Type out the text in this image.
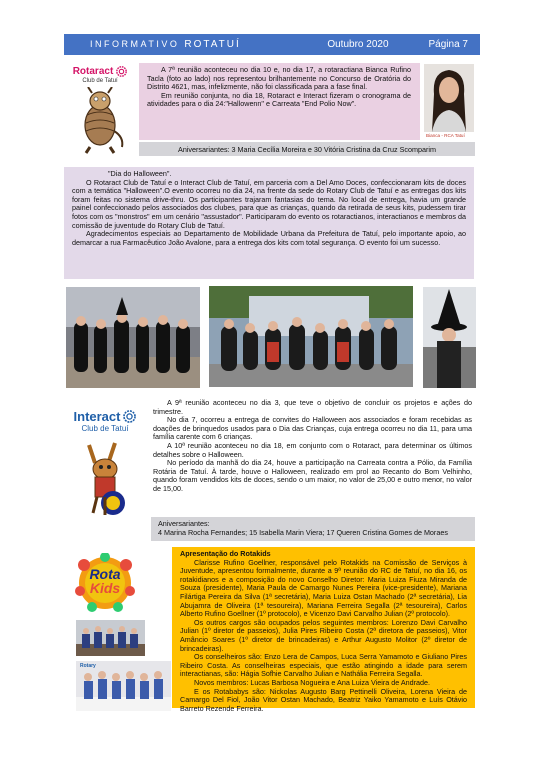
INFORMATIVO ROTATUÍ	Outubro 2020	Página 7
Rotaract
Club de Tatuí

A 7ª reunião aconteceu no dia 10 e, no dia 17, a rotaractiana Bianca Rufino Tacla (foto ao lado) nos representou brilhantemente no Concurso de Oratória do Distrito 4621, mas, infelizmente, não foi classificada para a fase final.

Em reunião conjunta, no dia 18, Rotaract e Interact fizeram o cronograma de atividades para o dia 24:"Hallowenn" e Carreata "End Polio Now".

Bianca - RCA Tatuí
Aniversariantes: 3 Maria Cecília Moreira e 30 Vitória Cristina da Cruz Scomparim

"Dia do Halloween".

O Rotaract Club de Tatuí e o Interact Club de Tatuí, em parceria com a Del Amo Doces, confeccionaram kits de doces com a temática "Halloween".O evento ocorreu no dia 24, na frente da sede do Rotary Club de Tatuí e as entregas dos kits foram feitas no sistema drive-thru. Os participantes trajaram fantasias do tema. No local de entrega, havia um grande painel confeccionado pelos associados dos clubes, para que as crianças, quando da retirada de seus kits, pudessem tirar fotos com os "monstros" em um cenário "assustador". Participaram do evento os rotaractianos, interactianos e membros da comissão de juventude do Rotary Club de Tatuí.

Agradecimentos especiais ao Departamento de Mobilidade Urbana da Prefeitura de Tatuí, pelo importante apoio, ao demarcar a rua Farmacêutico João Avalone, para a entrega dos kits com total segurança. O evento foi um sucesso.

Interact
Club de Tatuí

A 9ª reunião aconteceu no dia 3, que teve o objetivo de concluir os projetos e ações do trimestre.

No dia 7, ocorreu a entrega de convites do Halloween aos associados e foram recebidas as doações de brinquedos usados para o Dia das Crianças, cuja entrega ocorreu no dia 11, para uma família carente com 6 crianças.

A 10ª reunião aconteceu no dia 18, em conjunto com o Rotaract, para determinar os últimos detalhes sobre o Halloween.

No período da manhã do dia 24, houve a participação na Carreata contra a Pólio, da Família Rotária de Tatuí. À tarde, houve o Halloween, realizado em prol ao Recanto do Bom Velhinho, quando foram vendidos kits de doces, sendo o um maior, no valor de 25,00 e outro menor, no valor de 15,00.

Aniversariantes:

4 Marina Rocha Fernandes; 15 Isabella Marin Viera; 17 Queren Cristina Gomes de Moraes

Rota
Kids
Rotary

Apresentação do Rotakids

Clarisse Rufino Goellner, responsável pelo Rotakids na Comissão de Serviços à Juventude, apresentou formalmente, durante a 9ª reunião do RC de Tatuí, no dia 16, os rotakidianos e a composição do novo Conselho Diretor: Maria Luiza Fiuza Miranda de Souza (presidente), Maria Paula de Camargo Nunes Pereira (vice-presidente), Mariana Filártiga Pereira da Silva (1ª secretária), Maria Luiza Ostan Machado (2ª secretária), Lia Abujamra de Oliveira (1ª tesoureira), Mariana Ferreira Segalla (2ª tesoureira), Carlos Alberto Rufino Goellner (1º protocolo), e Vicenzo Davi Carvalho Julian (2º protocolo).

Os outros cargos são ocupados pelos seguintes membros: Lorenzo Davi Carvalho Julian (1º diretor de passeios), Julia Pires Ribeiro Costa (2ª diretora de passeios), Vitor Amâncio Soares (1º diretor de brincadeiras) e Arthur Augusto Molitor (2º diretor de brincadeiras).

Os conselheiros são: Enzo Lera de Campos, Luca Serra Yamamoto e Giuliano Pires Ribeiro Costa. As conselheiras especiais, que estão atingindo a idade para serem interactianas, são: Hágia Sofhie Carvalho Julian e Nathália Ferreira Segalla.

Novos membros: Lucas Barbosa Nogueira e Ana Luiza Vieira de Andrade.

E os Rotababys são: Nickolas Augusto Barg Pettinelli Oliveira, Lorena Vieira de Camargo Del Fiol, João Vitor Ostan Machado, Beatriz Yaiko Yamamoto e Luís Otávio Barreto Rezende Ferreira.
